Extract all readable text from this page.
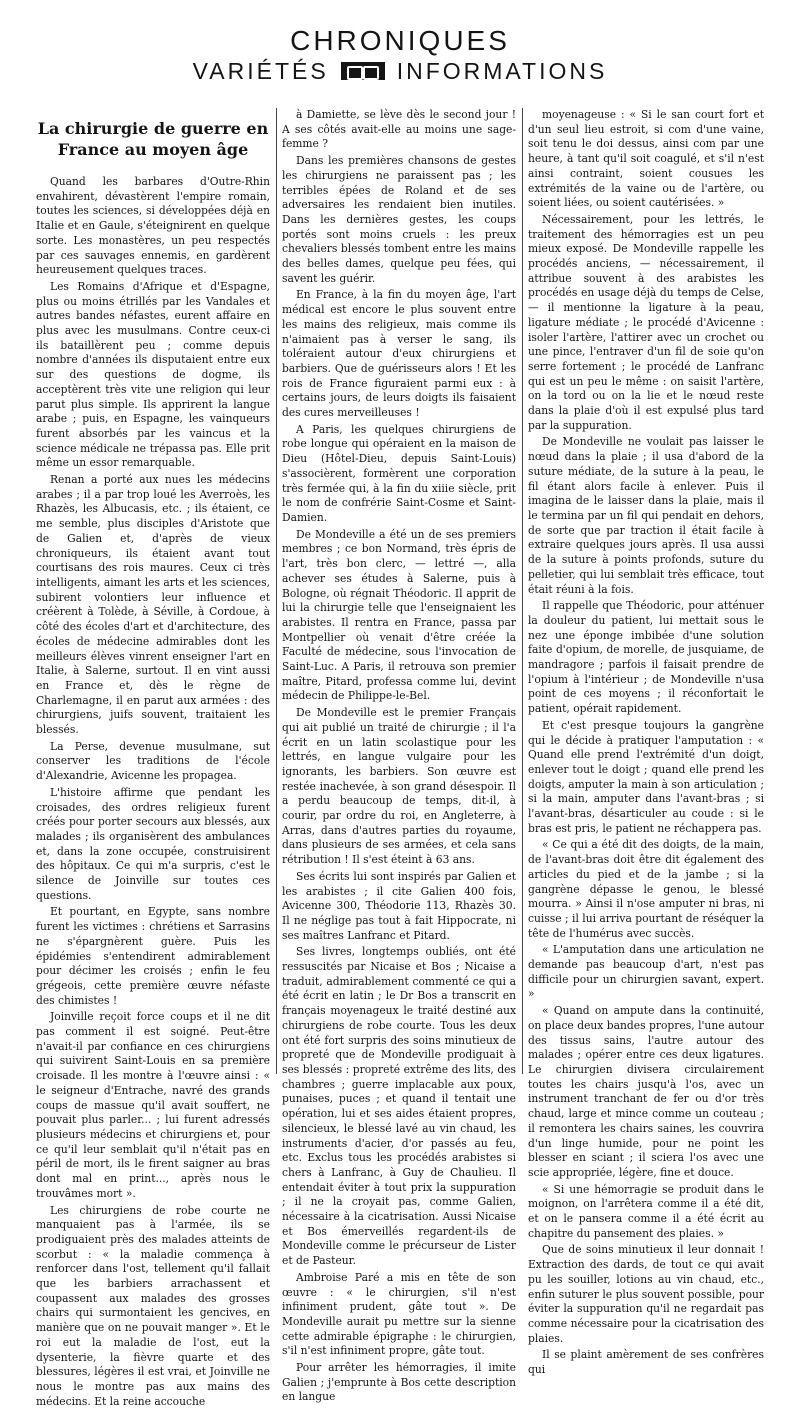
CHRONIQUES
VARIÉTÉS	INFORMATIONS
La chirurgie de guerre en France au moyen âge

Quand les barbares d'Outre-Rhin envahirent, dévastèrent l'empire romain, toutes les sciences, si développées déjà en Italie et en Gaule, s'éteignirent en quelque sorte. Les monastères, un peu respectés par ces sauvages ennemis, en gardèrent heureusement quelques traces.

Les Romains d'Afrique et d'Espagne, plus ou moins étrillés par les Vandales et autres bandes néfastes, eurent affaire en plus avec les musulmans. Contre ceux-ci ils bataillèrent peu ; comme depuis nombre d'années ils disputaient entre eux sur des questions de dogme, ils acceptèrent très vite une religion qui leur parut plus simple. Ils apprirent la langue arabe ; puis, en Espagne, les vainqueurs furent absorbés par les vaincus et la science médicale ne trépassa pas. Elle prit même un essor remarquable.

Renan a porté aux nues les médecins arabes ; il a par trop loué les Averroès, les Rhazès, les Albucasis, etc. ; ils étaient, ce me semble, plus disciples d'Aristote que de Galien et, d'après de vieux chroniqueurs, ils étaient avant tout courtisans des rois maures. Ceux ci très intelligents, aimant les arts et les sciences, subirent volontiers leur influence et créèrent à Tolède, à Séville, à Cordoue, à côté des écoles d'art et d'architecture, des écoles de médecine admirables dont les meilleurs élèves vinrent enseigner l'art en Italie, à Salerne, surtout. Il en vint aussi en France et, dès le règne de Charlemagne, il en parut aux armées : des chirurgiens, juifs souvent, traitaient les blessés.

La Perse, devenue musulmane, sut conserver les traditions de l'école d'Alexandrie, Avicenne les propagea.

L'histoire affirme que pendant les croisades, des ordres religieux furent créés pour porter secours aux blessés, aux malades ; ils organisèrent des ambulances et, dans la zone occupée, construisirent des hôpitaux. Ce qui m'a surpris, c'est le silence de Joinville sur toutes ces questions.

Et pourtant, en Egypte, sans nombre furent les victimes : chrétiens et Sarrasins ne s'épargnèrent guère. Puis les épidémies s'entendirent admirablement pour décimer les croisés ; enfin le feu grégeois, cette première œuvre néfaste des chimistes !

Joinville reçoit force coups et il ne dit pas comment il est soigné. Peut-être n'avait-il par confiance en ces chirurgiens qui suivirent Saint-Louis en sa première croisade. Il les montre à l'œuvre ainsi : « le seigneur d'Entrache, navré des grands coups de massue qu'il avait souffert, ne pouvait plus parler... ; lui furent adressés plusieurs médecins et chirurgiens et, pour ce qu'il leur semblait qu'il n'était pas en péril de mort, ils le firent saigner au bras dont mal en print..., après nous le trouvâmes mort ».

Les chirurgiens de robe courte ne manquaient pas à l'armée, ils se prodiguaient près des malades atteints de scorbut : « la maladie commença à renforcer dans l'ost, tellement qu'il fallait que les barbiers arrachassent et coupassent aux malades des grosses chairs qui surmontaient les gencives, en manière que on ne pouvait manger ». Et le roi eut la maladie de l'ost, eut la dysenterie, la fièvre quarte et des blessures, légères il est vrai, et Joinville ne nous le montre pas aux mains des médecins. Et la reine accouche

à Damiette, se lève dès le second jour ! A ses côtés avait-elle au moins une sage-femme ?

Dans les premières chansons de gestes les chirurgiens ne paraissent pas ; les terribles épées de Roland et de ses adversaires les rendaient bien inutiles. Dans les dernières gestes, les coups portés sont moins cruels : les preux chevaliers blessés tombent entre les mains des belles dames, quelque peu fées, qui savent les guérir.

En France, à la fin du moyen âge, l'art médical est encore le plus souvent entre les mains des religieux, mais comme ils n'aimaient pas à verser le sang, ils toléraient autour d'eux chirurgiens et barbiers. Que de guérisseurs alors ! Et les rois de France figuraient parmi eux : à certains jours, de leurs doigts ils faisaient des cures merveilleuses !

A Paris, les quelques chirurgiens de robe longue qui opéraient en la maison de Dieu (Hôtel-Dieu, depuis Saint-Louis) s'associèrent, formèrent une corporation très fermée qui, à la fin du xiiie siècle, prit le nom de confrérie Saint-Cosme et Saint-Damien.

De Mondeville a été un de ses premiers membres ; ce bon Normand, très épris de l'art, très bon clerc, — lettré —, alla achever ses études à Salerne, puis à Bologne, où régnait Théodoric. Il apprit de lui la chirurgie telle que l'enseignaient les arabistes. Il rentra en France, passa par Montpellier où venait d'être créée la Faculté de médecine, sous l'invocation de Saint-Luc. A Paris, il retrouva son premier maître, Pitard, professa comme lui, devint médecin de Philippe-le-Bel.

De Mondeville est le premier Français qui ait publié un traité de chirurgie ; il l'a écrit en un latin scolastique pour les lettrés, en langue vulgaire pour les ignorants, les barbiers. Son œuvre est restée inachevée, à son grand désespoir. Il a perdu beaucoup de temps, dit-il, à courir, par ordre du roi, en Angleterre, à Arras, dans d'autres parties du royaume, dans plusieurs de ses armées, et cela sans rétribution ! Il s'est éteint à 63 ans.

Ses écrits lui sont inspirés par Galien et les arabistes ; il cite Galien 400 fois, Avicenne 300, Théodorie 113, Rhazès 30. Il ne néglige pas tout à fait Hippocrate, ni ses maîtres Lanfranc et Pitard.

Ses livres, longtemps oubliés, ont été ressuscités par Nicaise et Bos ; Nicaise a traduit, admirablement commenté ce qui a été écrit en latin ; le Dr Bos a transcrit en français moyenageux le traité destiné aux chirurgiens de robe courte. Tous les deux ont été fort surpris des soins minutieux de propreté que de Mondeville prodiguait à ses blessés : propreté extrême des lits, des chambres ; guerre implacable aux poux, punaises, puces ; et quand il tentait une opération, lui et ses aides étaient propres, silencieux, le blessé lavé au vin chaud, les instruments d'acier, d'or passés au feu, etc. Exclus tous les procédés arabistes si chers à Lanfranc, à Guy de Chaulieu. Il entendait éviter à tout prix la suppuration ; il ne la croyait pas, comme Galien, nécessaire à la cicatrisation. Aussi Nicaise et Bos émerveillés regardent-ils de Mondeville comme le précurseur de Lister et de Pasteur.

Ambroise Paré a mis en tête de son œuvre : « le chirurgien, s'il n'est infiniment prudent, gâte tout ». De Mondeville aurait pu mettre sur la sienne cette admirable épigraphe : le chirurgien, s'il n'est infiniment propre, gâte tout.

Pour arrêter les hémorragies, il imite Galien ; j'emprunte à Bos cette description en langue

moyenageuse : « Si le san court fort et d'un seul lieu estroit, si com d'une vaine, soit tenu le doi dessus, ainsi com par une heure, à tant qu'il soit coagulé, et s'il n'est ainsi contraint, soient cousues les extrémités de la vaine ou de l'artère, ou soient liées, ou soient cautérisées. »

Nécessairement, pour les lettrés, le traitement des hémorragies est un peu mieux exposé. De Mondeville rappelle les procédés anciens, — nécessairement, il attribue souvent à des arabistes les procédés en usage déjà du temps de Celse, — il mentionne la ligature à la peau, ligature médiate ; le procédé d'Avicenne : isoler l'artère, l'attirer avec un crochet ou une pince, l'entraver d'un fil de soie qu'on serre fortement ; le procédé de Lanfranc qui est un peu le même : on saisit l'artère, on la tord ou on la lie et le nœud reste dans la plaie d'où il est expulsé plus tard par la suppuration.

De Mondeville ne voulait pas laisser le nœud dans la plaie ; il usa d'abord de la suture médiate, de la suture à la peau, le fil étant alors facile à enlever. Puis il imagina de le laisser dans la plaie, mais il le termina par un fil qui pendait en dehors, de sorte que par traction il était facile à extraire quelques jours après. Il usa aussi de la suture à points profonds, suture du pelletier, qui lui semblait très efficace, tout était réuni à la fois.

Il rappelle que Théodoric, pour atténuer la douleur du patient, lui mettait sous le nez une éponge imbibée d'une solution faite d'opium, de morelle, de jusquiame, de mandragore ; parfois il faisait prendre de l'opium à l'intérieur ; de Mondeville n'usa point de ces moyens ; il réconfortait le patient, opérait rapidement.

Et c'est presque toujours la gangrène qui le décide à pratiquer l'amputation : « Quand elle prend l'extrémité d'un doigt, enlever tout le doigt ; quand elle prend les doigts, amputer la main à son articulation ; si la main, amputer dans l'avant-bras ; si l'avant-bras, désarticuler au coude : si le bras est pris, le patient ne réchappera pas.

« Ce qui a été dit des doigts, de la main, de l'avant-bras doit être dit également des articles du pied et de la jambe ; si la gangrène dépasse le genou, le blessé mourra. » Ainsi il n'ose amputer ni bras, ni cuisse ; il lui arriva pourtant de réséquer la tête de l'humérus avec succès.

« L'amputation dans une articulation ne demande pas beaucoup d'art, n'est pas difficile pour un chirurgien savant, expert. »

« Quand on ampute dans la continuité, on place deux bandes propres, l'une autour des tissus sains, l'autre autour des malades ; opérer entre ces deux ligatures. Le chirurgien divisera circulairement toutes les chairs jusqu'à l'os, avec un instrument tranchant de fer ou d'or très chaud, large et mince comme un couteau ; il remontera les chairs saines, les couvrira d'un linge humide, pour ne point les blesser en sciant ; il sciera l'os avec une scie appropriée, légère, fine et douce.

« Si une hémorragie se produit dans le moignon, on l'arrêtera comme il a été dit, et on le pansera comme il a été écrit au chapitre du pansement des plaies. »

Que de soins minutieux il leur donnait ! Extraction des dards, de tout ce qui avait pu les souiller, lotions au vin chaud, etc., enfin suturer le plus souvent possible, pour éviter la suppuration qu'il ne regardait pas comme nécessaire pour la cicatrisation des plaies.

Il se plaint amèrement de ses confrères qui
